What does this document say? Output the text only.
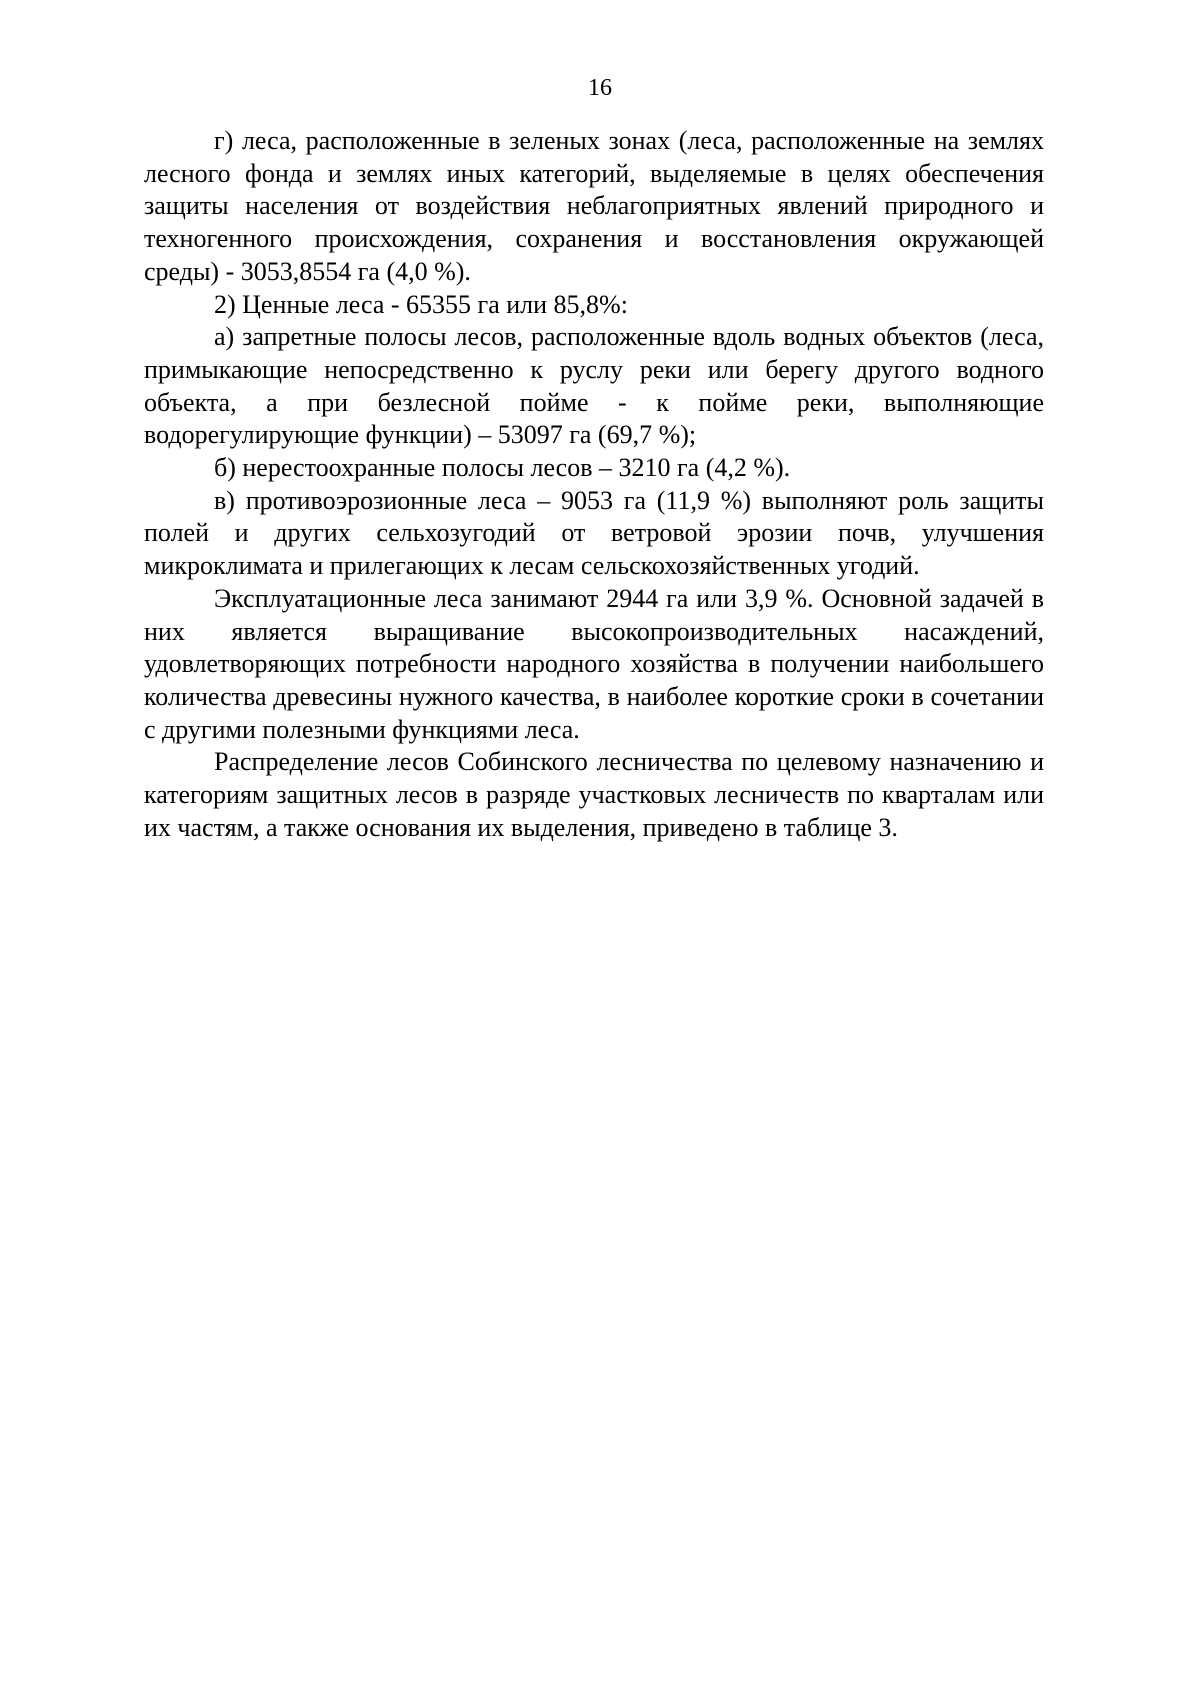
16

г) леса, расположенные в зеленых зонах (леса, расположенные на землях лесного фонда и землях иных категорий, выделяемые в целях обеспечения защиты населения от воздействия неблагоприятных явлений природного и техногенного происхождения, сохранения и восстановления окружающей среды) - 3053,8554 га (4,0 %).

2) Ценные леса - 65355 га или 85,8%:

а) запретные полосы лесов, расположенные вдоль водных объектов (леса, примыкающие непосредственно к руслу реки или берегу другого водного объекта, а при безлесной пойме - к пойме реки, выполняющие водорегулирующие функции) – 53097 га (69,7 %);

б) нерестоохранные полосы лесов – 3210 га (4,2 %).

в) противоэрозионные леса – 9053 га (11,9 %) выполняют роль защиты полей и других сельхозугодий от ветровой эрозии почв, улучшения микроклимата и прилегающих к лесам сельскохозяйственных угодий.

Эксплуатационные леса занимают 2944 га или 3,9 %. Основной задачей в них является выращивание высокопроизводительных насаждений, удовлетворяющих потребности народного хозяйства в получении наибольшего количества древесины нужного качества, в наиболее короткие сроки в сочетании с другими полезными функциями леса.

Распределение лесов Собинского лесничества по целевому назначению и категориям защитных лесов в разряде участковых лесничеств по кварталам или их частям, а также основания их выделения, приведено в таблице 3.
